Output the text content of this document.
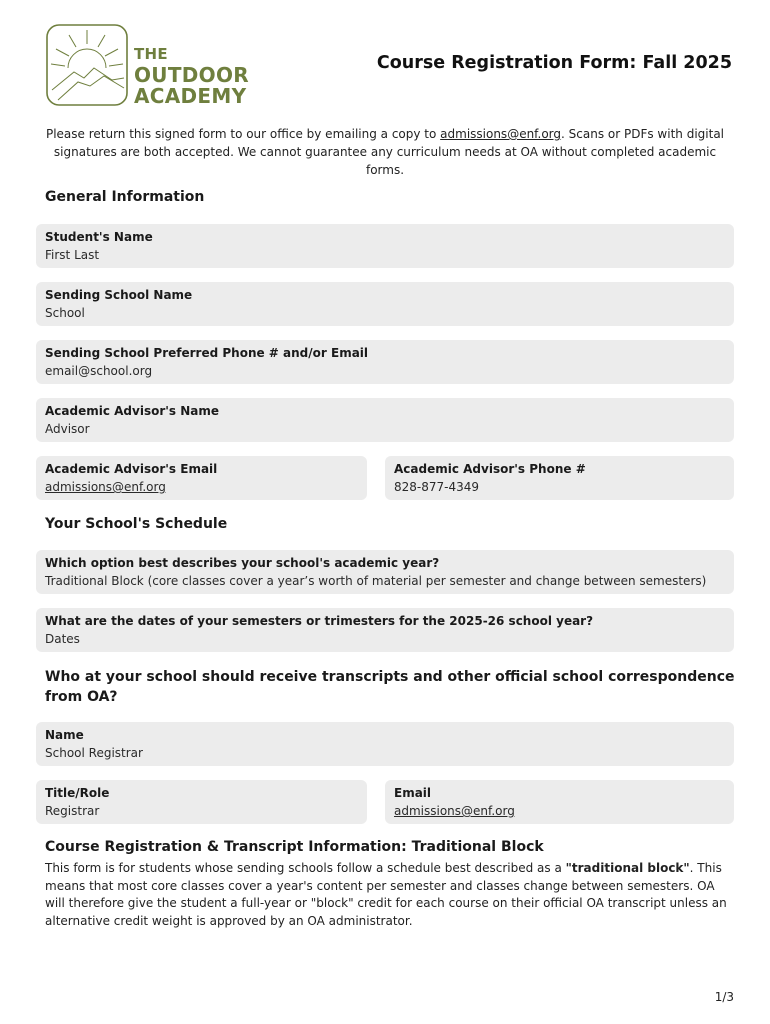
THE
OUTDOOR
ACADEMY
Course Registration Form: Fall 2025
Please return this signed form to our office by emailing a copy to admissions@enf.org. Scans or PDFs with digital signatures are both accepted. We cannot guarantee any curriculum needs at OA without completed academic forms.
General Information
Student's Name
First Last
Sending School Name
School
Sending School Preferred Phone # and/or Email
email@school.org
Academic Advisor's Name
Advisor
Academic Advisor's Email
admissions@enf.org
Academic Advisor's Phone #
828-877-4349
Your School's Schedule
Which option best describes your school's academic year?
Traditional Block (core classes cover a year’s worth of material per semester and change between semesters)
What are the dates of your semesters or trimesters for the 2025-26 school year?
Dates
Who at your school should receive transcripts and other official school correspondence
from OA?
Name
School Registrar
Title/Role
Registrar
Email
admissions@enf.org
Course Registration & Transcript Information: Traditional Block
This form is for students whose sending schools follow a schedule best described as a "traditional block". This means that most core classes cover a year's content per semester and classes change between semesters. OA will therefore give the student a full-year or "block" credit for each course on their official OA transcript unless an alternative credit weight is approved by an OA administrator.
1/3
